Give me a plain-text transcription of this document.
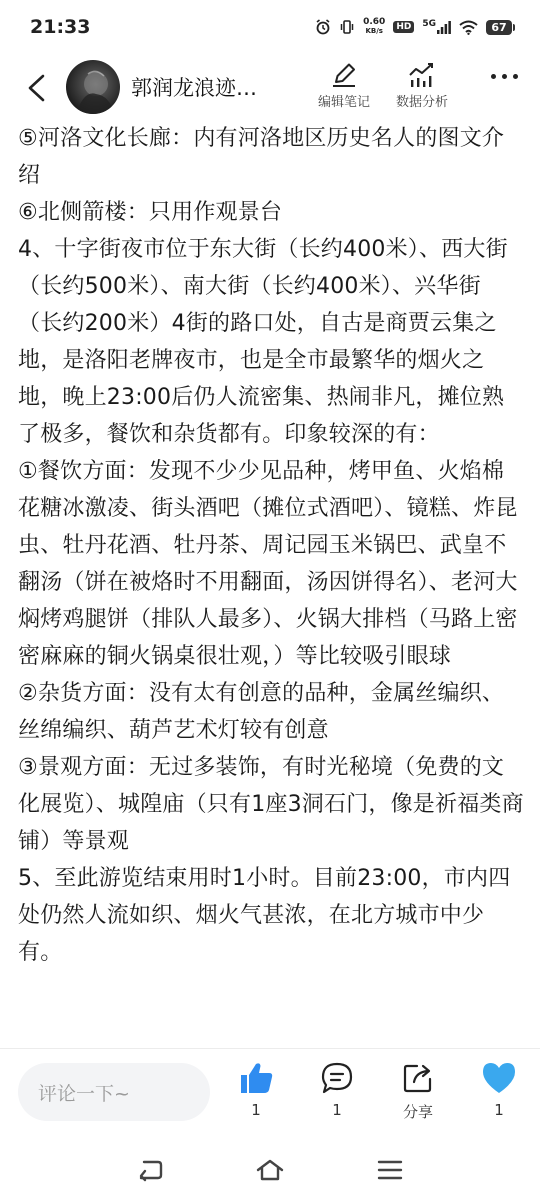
21:33	0.60
KB/s	HD	5G	67
郭润龙浪迹…
编辑笔记 数据分析

⑤河洛文化长廊：内有河洛地区历史名人的图文介绍

⑥北侧箭楼：只用作观景台

4、十字街夜市位于东大街（长约400米）、西大街（长约500米）、南大街（长约400米）、兴华街（长约200米）4街的路口处，自古是商贾云集之地，是洛阳老牌夜市，也是全市最繁华的烟火之地，晚上23:00后仍人流密集、热闹非凡，摊位熟了极多，餐饮和杂货都有。印象较深的有：

①餐饮方面：发现不少少见品种，烤甲鱼、火焰棉花糖冰激凌、街头酒吧（摊位式酒吧）、镜糕、炸昆虫、牡丹花酒、牡丹茶、周记园玉米锅巴、武皇不翻汤（饼在被烙时不用翻面，汤因饼得名）、老河大焖烤鸡腿饼（排队人最多）、火锅大排档（马路上密密麻麻的铜火锅桌很壮观，）等比较吸引眼球

②杂货方面：没有太有创意的品种，金属丝编织、丝绵编织、葫芦艺术灯较有创意

③景观方面：无过多装饰，有时光秘境（免费的文化展览）、城隍庙（只有1座3洞石门，像是祈福类商铺）等景观

5、至此游览结束用时1小时。目前23:00，市内四处仍然人流如织、烟火气甚浓，在北方城市中少有。

评论一下~
1	1	分享	1
